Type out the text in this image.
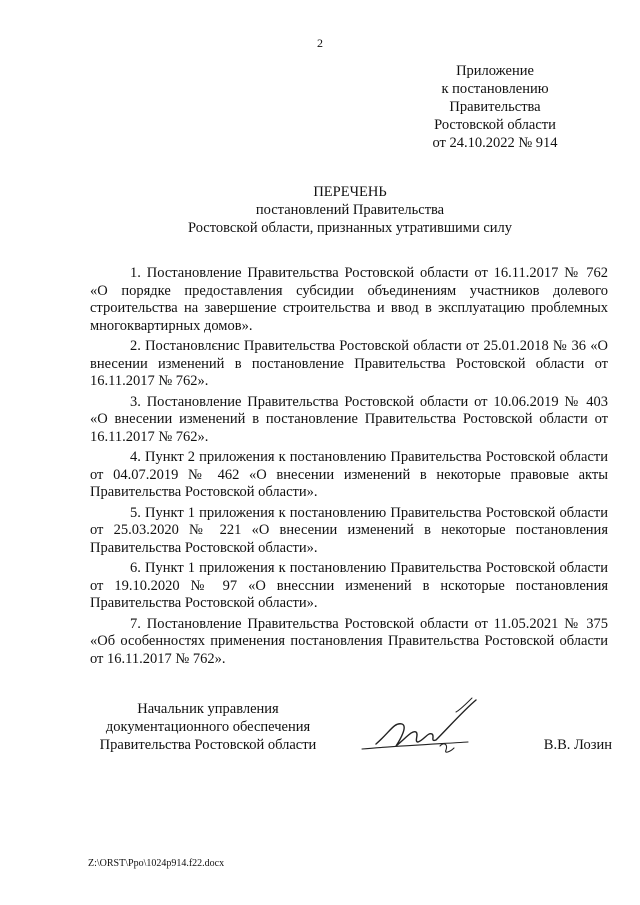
2
Приложение
к постановлению
Правительства
Ростовской области
от 24.10.2022 № 914
ПЕРЕЧЕНЬ
постановлений Правительства
Ростовской области, признанных утратившими силу

1. Постановление Правительства Ростовской области от 16.11.2017 № 762 «О порядке предоставления субсидии объединениям участников долевого строительства на завершение строительства и ввод в эксплуатацию проблемных многоквартирных домов».

2. Постановлєнис Правительства Ростовской области от 25.01.2018 № 36 «О внесении изменений в постановление Правительства Ростовской области от 16.11.2017 № 762».

3. Постановление Правительства Ростовской области от 10.06.2019 № 403 «О внесении изменений в постановление Правительства Ростовской области от 16.11.2017 № 762».

4. Пункт 2 приложения к постановлению Правительства Ростовской области от 04.07.2019 № 462 «О внесении изменений в некоторые правовые акты Правительства Ростовской области».

5. Пункт 1 приложения к постановлению Правительства Ростовской области от 25.03.2020 № 221 «О внесении изменений в некоторые постановления Правительства Ростовской области».

6. Пункт 1 приложения к постановлению Правительства Ростовской области от 19.10.2020 № 97 «О внесснии изменений в нскоторые постановления Правительства Ростовской области».

7. Постановление Правительства Ростовской области от 11.05.2021 № 375 «Об особенностях применения постановления Правительства Ростовской области от 16.11.2017 № 762».

Начальник управления
документационного обеспечения
Правительства Ростовской области	В.В. Лозин
Z:\ORST\Ppo\1024p914.f22.docx
